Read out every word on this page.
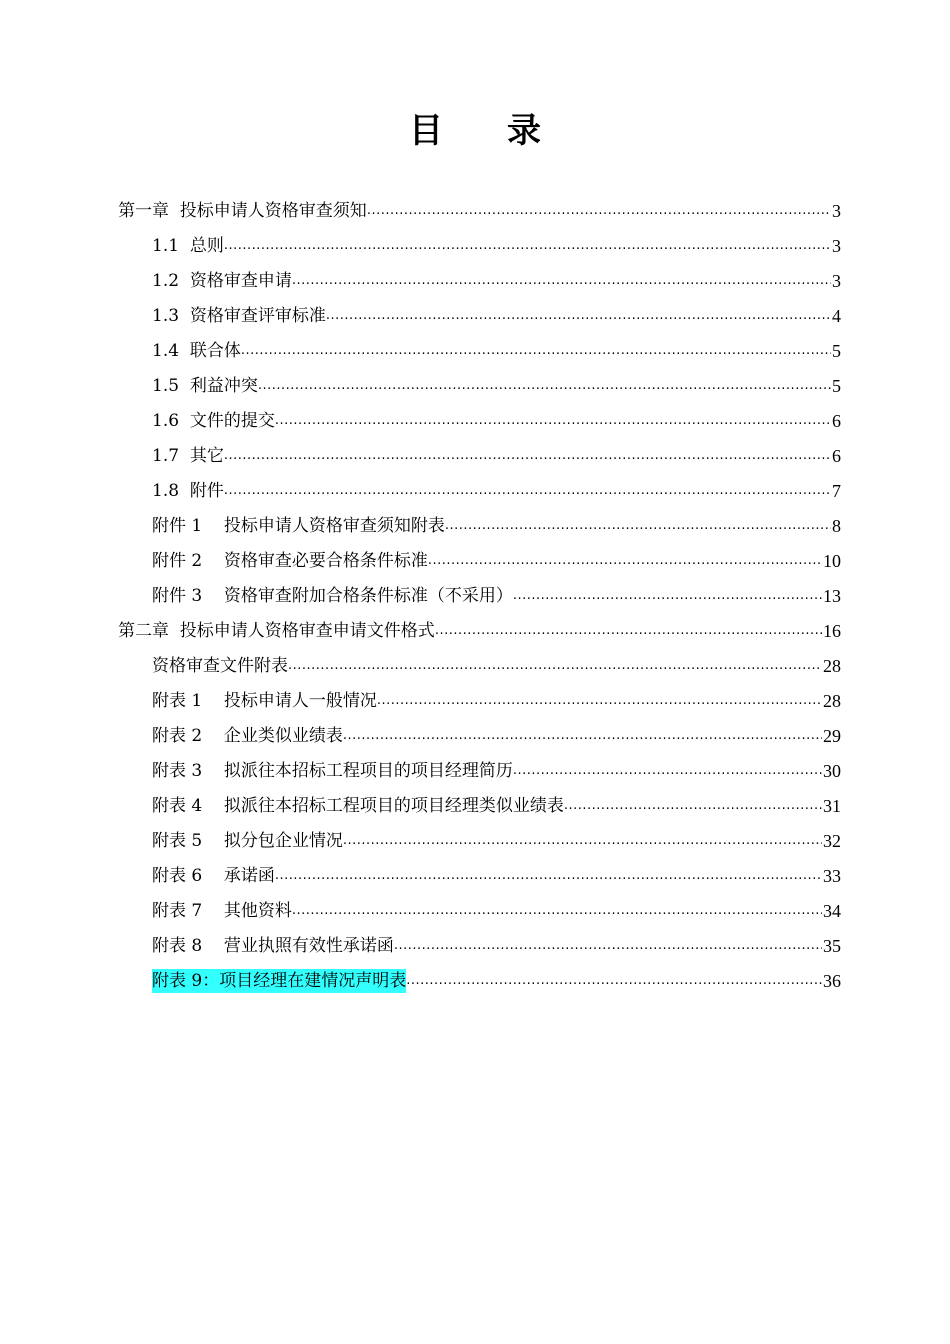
目录
第一章  投标申请人资格审查须知 .....	3
1.1  总则 .....	3
1.2  资格审查申请 .....	3
1.3  资格审查评审标准 .....	4
1.4  联合体 .....	5
1.5  利益冲突 .....	5
1.6  文件的提交 .....	6
1.7  其它 .....	6
1.8  附件 .....	7
附件 1    投标申请人资格审查须知附表 .....	8
附件 2    资格审查必要合格条件标准 .....	10
附件 3    资格审查附加合格条件标准（不采用） .....	13
第二章  投标申请人资格审查申请文件格式 .....	16
资格审查文件附表 .....	28
附表 1    投标申请人一般情况 .....	28
附表 2    企业类似业绩表 .....	29
附表 3    拟派往本招标工程项目的项目经理简历 .....	30
附表 4    拟派往本招标工程项目的项目经理类似业绩表 .....	31
附表 5    拟分包企业情况 .....	32
附表 6    承诺函 .....	33
附表 7    其他资料 .....	34
附表 8    营业执照有效性承诺函 .....	35
附表 9：项目经理在建情况声明表 .....	36
